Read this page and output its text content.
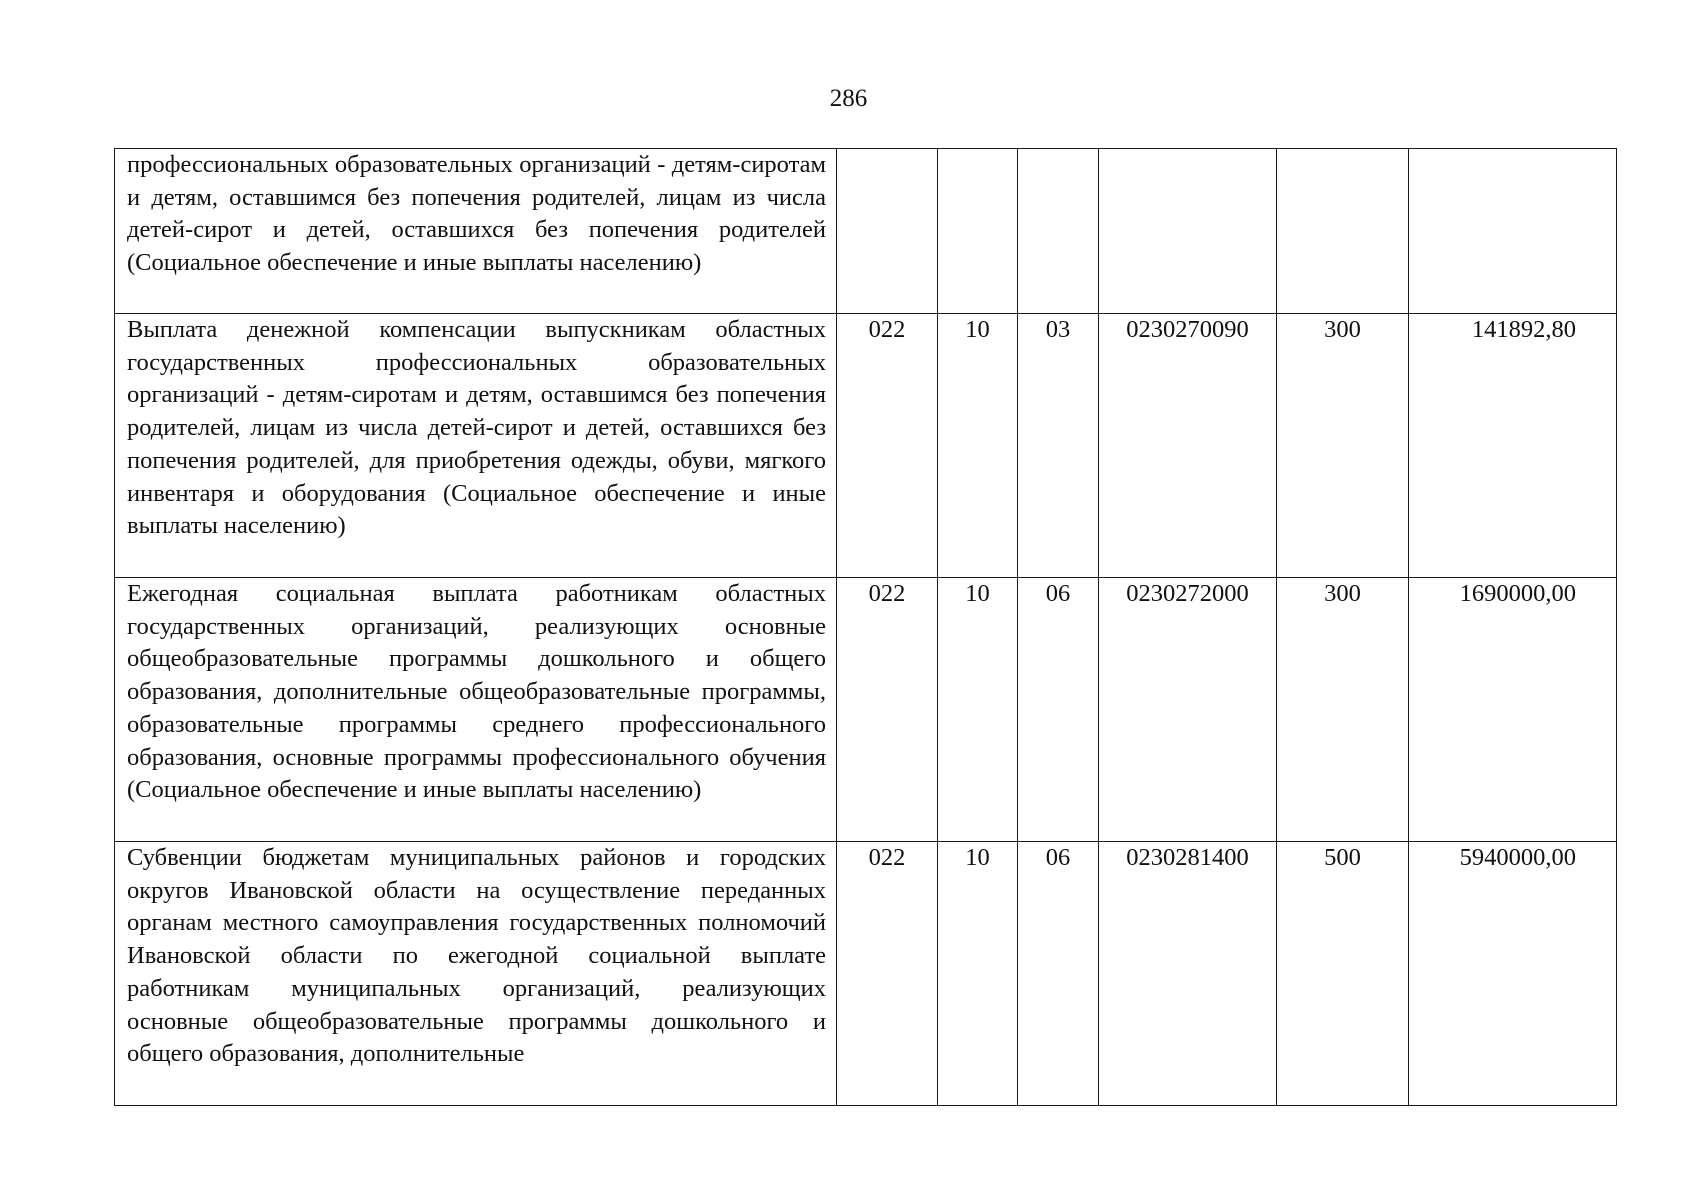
286
профессиональных образовательных организаций - детям-сиротам и детям, оставшимся без попечения родителей, лицам из числа детей-сирот и детей, оставшихся без попечения родителей (Социальное обеспечение и иные выплаты населению)						
Выплата денежной компенсации выпускникам областных государственных профессиональных образовательных организаций - детям-сиротам и детям, оставшимся без попечения родителей, лицам из числа детей-сирот и детей, оставшихся без попечения родителей, для приобретения одежды, обуви, мягкого инвентаря и оборудования (Социальное обеспечение и иные выплаты населению)	022	10	03	0230270090	300	141892,80
Ежегодная социальная выплата работникам областных государственных организаций, реализующих основные общеобразовательные программы дошкольного и общего образования, дополнительные общеобразовательные программы, образовательные программы среднего профессионального образования, основные программы профессионального обучения (Социальное обеспечение и иные выплаты населению)	022	10	06	0230272000	300	1690000,00
Субвенции бюджетам муниципальных районов и городских округов Ивановской области на осуществление переданных органам местного самоуправления государственных полномочий Ивановской области по ежегодной социальной выплате работникам муниципальных организаций, реализующих основные общеобразовательные программы дошкольного и общего образования, дополнительные	022	10	06	0230281400	500	5940000,00
